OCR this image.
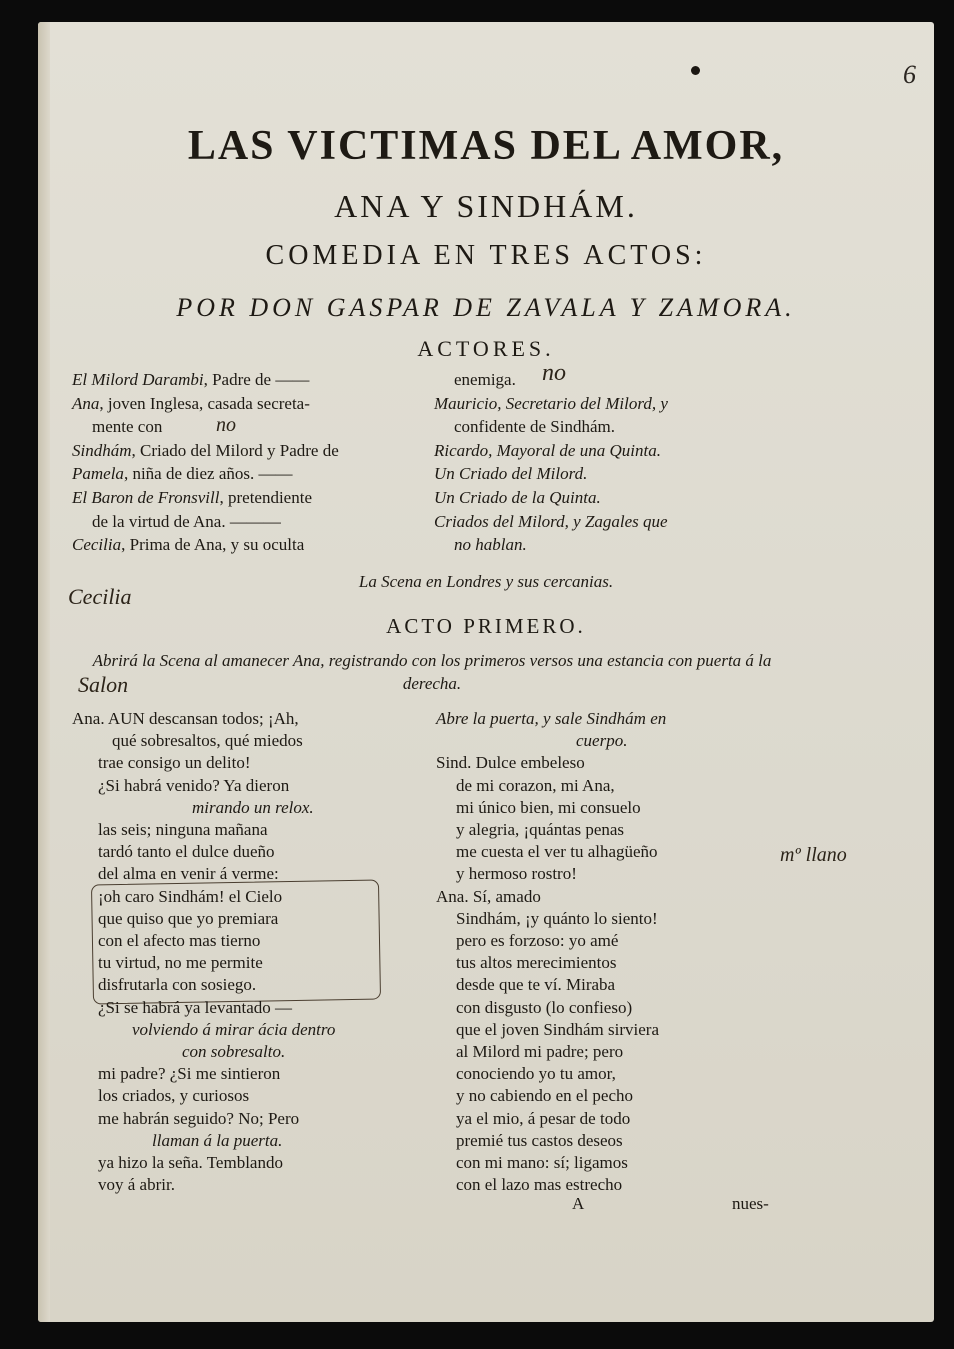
6
LAS VICTIMAS DEL AMOR,
ANA Y SINDHÁM.
COMEDIA EN TRES ACTOS:
POR DON GASPAR DE ZAVALA Y ZAMORA.
ACTORES.
El Milord Darambi, Padre de ——
Ana, joven Inglesa, casada secreta-
mente con
Sindhám, Criado del Milord y Padre de
Pamela, niña de diez años. ——
El Baron de Fronsvill, pretendiente
de la virtud de Ana. ———
Cecilia, Prima de Ana, y su oculta
enemiga.
Mauricio, Secretario del Milord, y
confidente de Sindhám.
Ricardo, Mayoral de una Quinta.
Un Criado del Milord.
Un Criado de la Quinta.
Criados del Milord, y Zagales que
no hablan.
La Scena en Londres y sus cercanias.
ACTO PRIMERO.
Abrirá la Scena al amanecer Ana, registrando con los primeros versos una estancia con puerta á la derecha.
Ana. AUN descansan todos; ¡Ah,
qué sobresaltos, qué miedos
trae consigo un delito!
¿Si habrá venido? Ya dieron
mirando un relox.
las seis; ninguna mañana
tardó tanto el dulce dueño
del alma en venir á verme:
¡oh caro Sindhám! el Cielo
que quiso que yo premiara
con el afecto mas tierno
tu virtud, no me permite
disfrutarla con sosiego.
¿Si se habrá ya levantado —
volviendo á mirar ácia dentro
con sobresalto.
mi padre? ¿Si me sintieron
los criados, y curiosos
me habrán seguido? No; Pero
llaman á la puerta.
ya hizo la seña. Temblando
voy á abrir.
Abre la puerta, y sale Sindhám en
cuerpo.
Sind. Dulce embeleso
de mi corazon, mi Ana,
mi único bien, mi consuelo
y alegria, ¡quántas penas
me cuesta el ver tu alhagüeño
y hermoso rostro!
Ana. Sí, amado
Sindhám, ¡y quánto lo siento!
pero es forzoso: yo amé
tus altos merecimientos
desde que te ví. Miraba
con disgusto (lo confieso)
que el joven Sindhám sirviera
al Milord mi padre; pero
conociendo yo tu amor,
y no cabiendo en el pecho
ya el mio, á pesar de todo
premié tus castos deseos
con mi mano: sí; ligamos
con el lazo mas estrecho
A	nues-
no
no
Cecilia
Salon
mº llano
